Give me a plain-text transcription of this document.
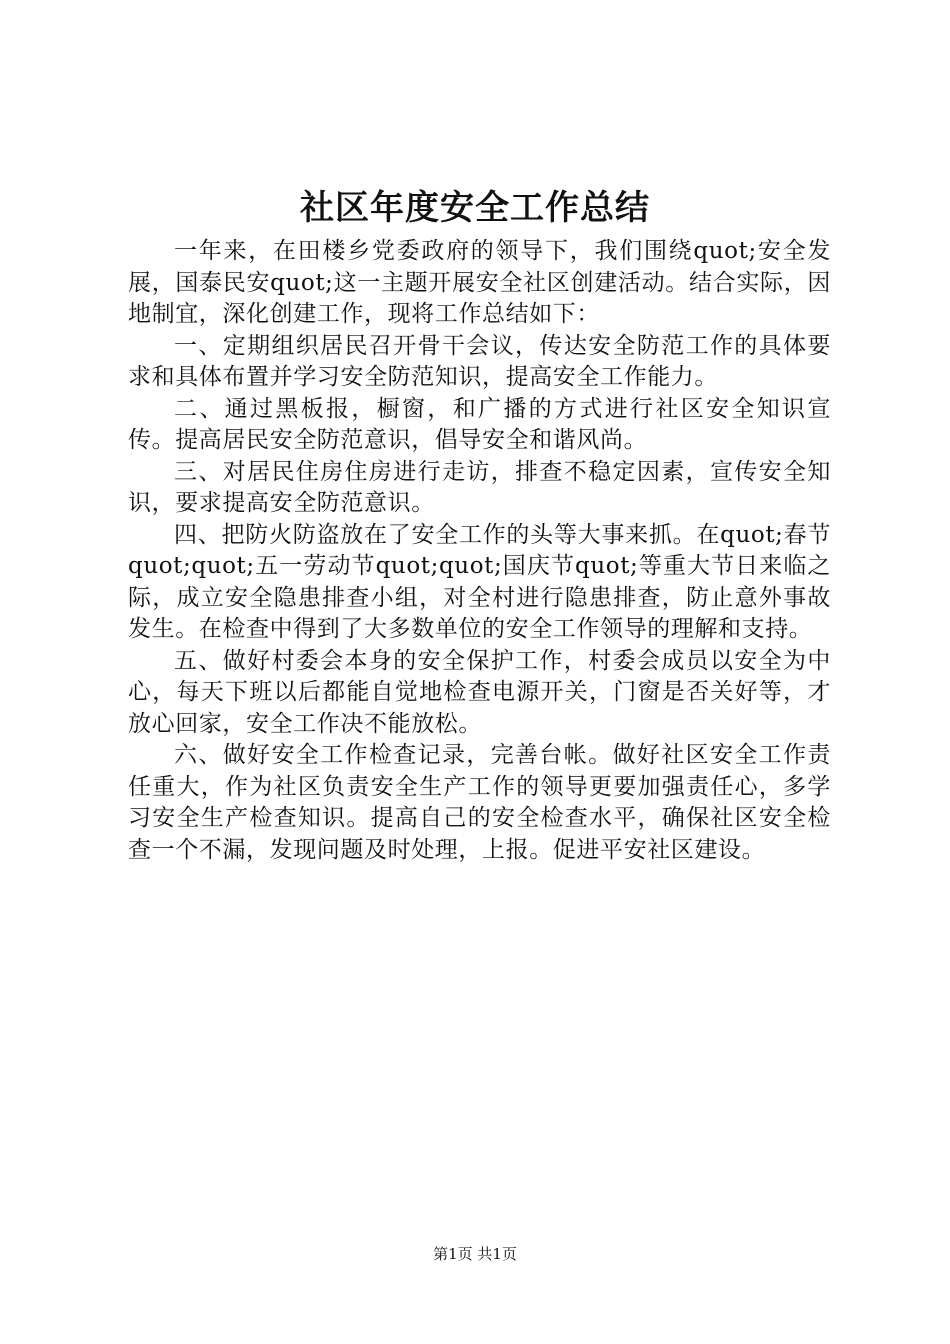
社区年度安全工作总结

一年来，在田楼乡党委政府的领导下，我们围绕quot;安全发展，国泰民安quot;这一主题开展安全社区创建活动。结合实际，因地制宜，深化创建工作，现将工作总结如下：

一、定期组织居民召开骨干会议，传达安全防范工作的具体要求和具体布置并学习安全防范知识，提高安全工作能力。

二、通过黑板报，橱窗，和广播的方式进行社区安全知识宣传。提高居民安全防范意识，倡导安全和谐风尚。

三、对居民住房住房进行走访，排查不稳定因素，宣传安全知识，要求提高安全防范意识。

四、把防火防盗放在了安全工作的头等大事来抓。在quot;春节quot;quot;五一劳动节quot;quot;国庆节quot;等重大节日来临之际，成立安全隐患排查小组，对全村进行隐患排查，防止意外事故发生。在检查中得到了大多数单位的安全工作领导的理解和支持。

五、做好村委会本身的安全保护工作，村委会成员以安全为中心，每天下班以后都能自觉地检查电源开关，门窗是否关好等，才放心回家，安全工作决不能放松。

六、做好安全工作检查记录，完善台帐。做好社区安全工作责任重大，作为社区负责安全生产工作的领导更要加强责任心，多学习安全生产检查知识。提高自己的安全检查水平，确保社区安全检查一个不漏，发现问题及时处理，上报。促进平安社区建设。

第1页 共1页
